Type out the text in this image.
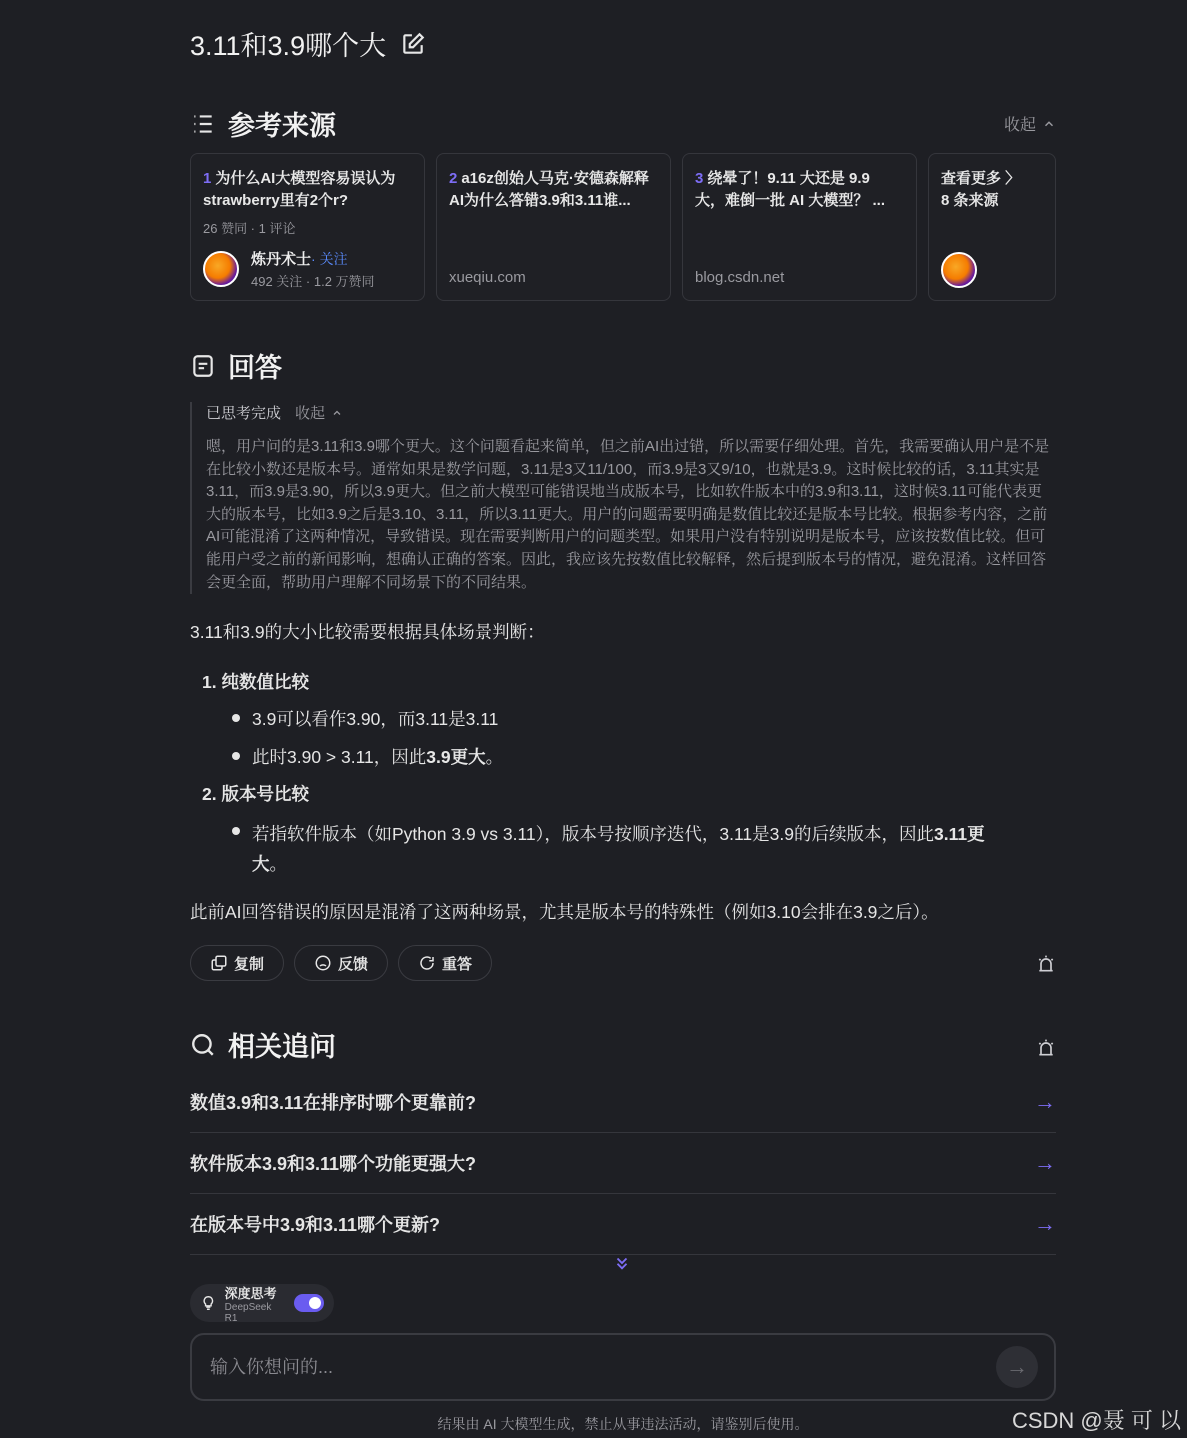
3.11和3.9哪个大
参考来源	收起
1 为什么AI大模型容易误认为strawberry里有2个r?
26 赞同 · 1 评论
炼丹术士· 关注
492 关注 · 1.2 万赞同
2 a16z创始人马克·安德森解释AI为什么答错3.9和3.11谁...
xueqiu.com
3 绕晕了！9.11 大还是 9.9 大，难倒一批 AI 大模型？ ...
blog.csdn.net
查看更多 〉
8 条来源
回答
已思考完成 收起
嗯，用户问的是3.11和3.9哪个更大。这个问题看起来简单，但之前AI出过错，所以需要仔细处理。首先，我需要确认用户是不是在比较小数还是版本号。通常如果是数学问题，3.11是3又11/100，而3.9是3又9/10，也就是3.9。这时候比较的话，3.11其实是3.11，而3.9是3.90，所以3.9更大。但之前大模型可能错误地当成版本号，比如软件版本中的3.9和3.11，这时候3.11可能代表更大的版本号，比如3.9之后是3.10、3.11，所以3.11更大。用户的问题需要明确是数值比较还是版本号比较。根据参考内容，之前AI可能混淆了这两种情况，导致错误。现在需要判断用户的问题类型。如果用户没有特别说明是版本号，应该按数值比较。但可能用户受之前的新闻影响，想确认正确的答案。因此，我应该先按数值比较解释，然后提到版本号的情况，避免混淆。这样回答会更全面，帮助用户理解不同场景下的不同结果。
3.11和3.9的大小比较需要根据具体场景判断：
1. 纯数值比较
3.9可以看作3.90，而3.11是3.11
此时3.90 > 3.11，因此3.9更大。
2. 版本号比较
若指软件版本（如Python 3.9 vs 3.11），版本号按顺序迭代，3.11是3.9的后续版本，因此3.11更
大。
此前AI回答错误的原因是混淆了这两种场景，尤其是版本号的特殊性（例如3.10会排在3.9之后）。
复制	反馈	重答
相关追问
数值3.9和3.11在排序时哪个更靠前?	→
软件版本3.9和3.11哪个功能更强大?	→
在版本号中3.9和3.11哪个更新?	→
深度思考
DeepSeek R1
输入你想问的...
→
结果由 AI 大模型生成，禁止从事违法活动，请鉴别后使用。	CSDN @聂 可 以
